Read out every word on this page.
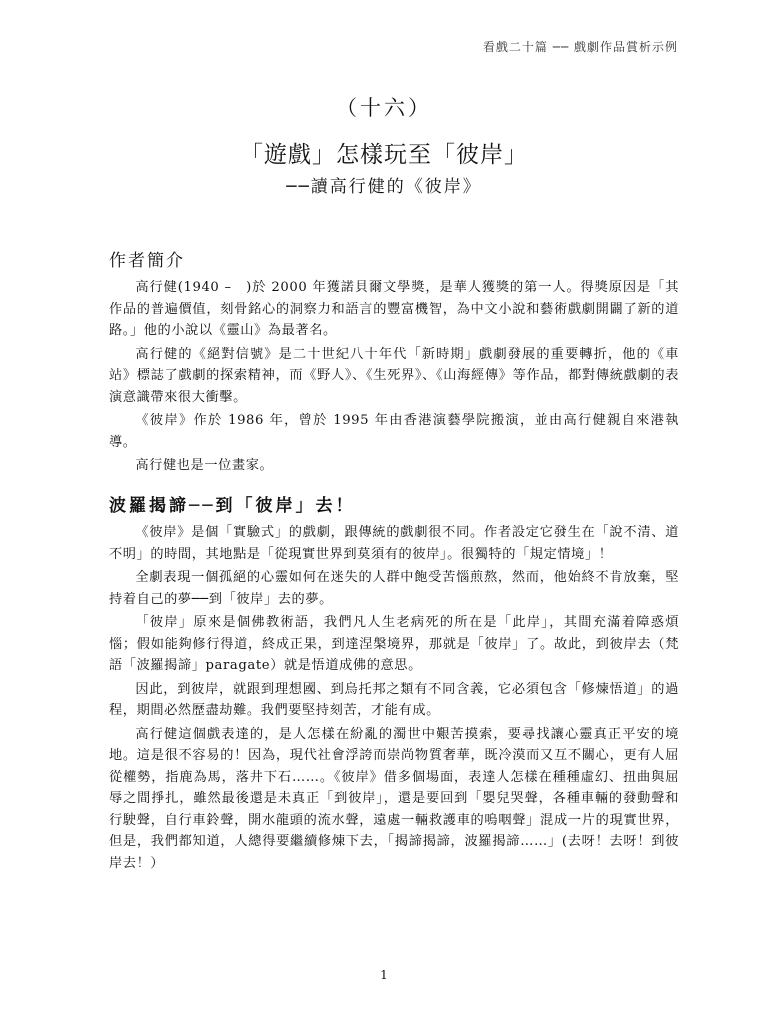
看戲二十篇 ── 戲劇作品賞析示例
（十六）
「遊戲」怎樣玩至「彼岸」
──讀高行健的《彼岸》
作者簡介

高行健(1940 –　)於 2000 年獲諾貝爾文學獎，是華人獲獎的第一人。得獎原因是「其作品的普遍價值，刻骨銘心的洞察力和語言的豐富機智，為中文小說和藝術戲劇開闢了新的道路。」他的小說以《靈山》為最著名。

高行健的《絕對信號》是二十世紀八十年代「新時期」戲劇發展的重要轉折，他的《車站》標誌了戲劇的探索精神，而《野人》、《生死界》、《山海經傳》等作品，都對傳統戲劇的表演意識帶來很大衝擊。

《彼岸》作於 1986 年，曾於 1995 年由香港演藝學院搬演，並由高行健親自來港執導。

高行健也是一位畫家。

波羅揭諦──到「彼岸」去！

《彼岸》是個「實驗式」的戲劇，跟傳統的戲劇很不同。作者設定它發生在「說不清、道不明」的時間，其地點是「從現實世界到莫須有的彼岸」。很獨特的「規定情境」！

全劇表現一個孤絕的心靈如何在迷失的人群中飽受苦惱煎熬，然而，他始終不肯放棄，堅持着自己的夢──到「彼岸」去的夢。

「彼岸」原來是個佛教術語，我們凡人生老病死的所在是「此岸」，其間充滿着障惑煩惱；假如能夠修行得道，終成正果，到達涅槃境界，那就是「彼岸」了。故此，到彼岸去（梵語「波羅揭諦」paragate）就是悟道成佛的意思。

因此，到彼岸，就跟到理想國、到烏托邦之類有不同含義，它必須包含「修煉悟道」的過程，期間必然歷盡劫難。我們要堅持刻苦，才能有成。

高行健這個戲表達的，是人怎樣在紛亂的濁世中艱苦摸索，要尋找讓心靈真正平安的境地。這是很不容易的！因為，現代社會浮誇而崇尚物質奢華，既冷漠而又互不關心，更有人屈從權勢，指鹿為馬，落井下石……。《彼岸》借多個場面，表達人怎樣在種種虛幻、扭曲與屈辱之間掙扎，雖然最後還是未真正「到彼岸」，還是要回到「嬰兒哭聲，各種車輛的發動聲和行駛聲，自行車鈴聲，開水龍頭的流水聲，遠處一輛救護車的嗚咽聲」混成一片的現實世界，但是，我們都知道，人總得要繼續修煉下去，「揭諦揭諦，波羅揭諦……」(去呀！去呀！到彼岸去！）

1
